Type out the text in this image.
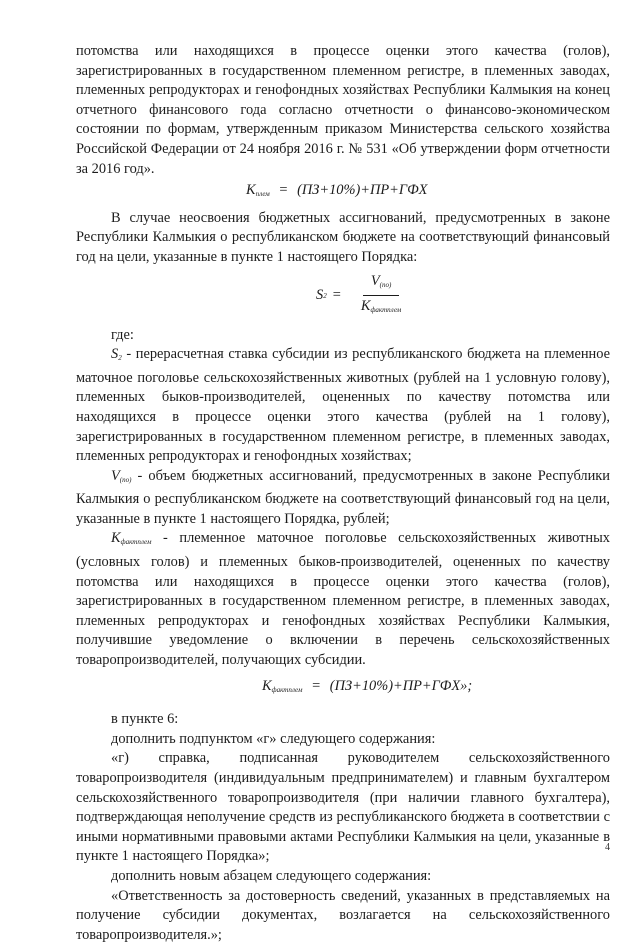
потомства или находящихся в процессе оценки этого качества (голов), зарегистрированных в государственном племенном регистре, в племенных заводах, племенных репродукторах и генофондных хозяйствах Республики Калмыкия на конец отчетного финансового года согласно отчетности о финансово-экономическом состоянии по формам, утвержденным приказом Министерства сельского хозяйства Российской Федерации от 24 ноября 2016 г. № 531 «Об утверждении форм отчетности за 2016 год».

$K_{плем} = (ПЗ+10\%)+ПР+ГФХ$

В случае неосвоения бюджетных ассигнований, предусмотренных в законе Республики Калмыкия о республиканском бюджете на соответствующий финансовый год на цели, указанные в пункте 1 настоящего Порядка:

S $2 = \frac{V_{(по)}}{K_{фактплем}}$

где:

$S_2$ - перерасчетная ставка субсидии из республиканского бюджета на племенное маточное поголовье сельскохозяйственных животных (рублей на 1 условную голову), племенных быков-производителей, оцененных по качеству потомства или находящихся в процессе оценки этого качества (рублей на 1 голову), зарегистрированных в государственном племенном регистре, в племенных заводах, племенных репродукторах и генофондных хозяйствах;

$V_{(по)}$ - объем бюджетных ассигнований, предусмотренных в законе Республики Калмыкия о республиканском бюджете на соответствующий финансовый год на цели, указанные в пункте 1 настоящего Порядка, рублей;

$K_{фактплем}$ - племенное маточное поголовье сельскохозяйственных животных (условных голов) и племенных быков-производителей, оцененных по качеству потомства или находящихся в процессе оценки этого качества (голов), зарегистрированных в государственном племенном регистре, в племенных заводах, племенных репродукторах и генофондных хозяйствах Республики Калмыкия, получившие уведомление о включении в перечень сельскохозяйственных товаропроизводителей, получающих субсидии.

$K_{фактплем} = (ПЗ+10\%)+ПР+ГФХ$»;

в пункте 6:

дополнить подпунктом «г» следующего содержания:

«г) справка, подписанная руководителем сельскохозяйственного товаропроизводителя (индивидуальным предпринимателем) и главным бухгалтером сельскохозяйственного товаропроизводителя (при наличии главного бухгалтера), подтверждающая неполучение средств из республиканского бюджета в соответствии с иными нормативными правовыми актами Республики Калмыкия на цели, указанные в пункте 1 настоящего Порядка»;

дополнить новым абзацем следующего содержания:

«Ответственность за достоверность сведений, указанных в представляемых на получение субсидии документах, возлагается на сельскохозяйственного товаропроизводителя.»;

4
